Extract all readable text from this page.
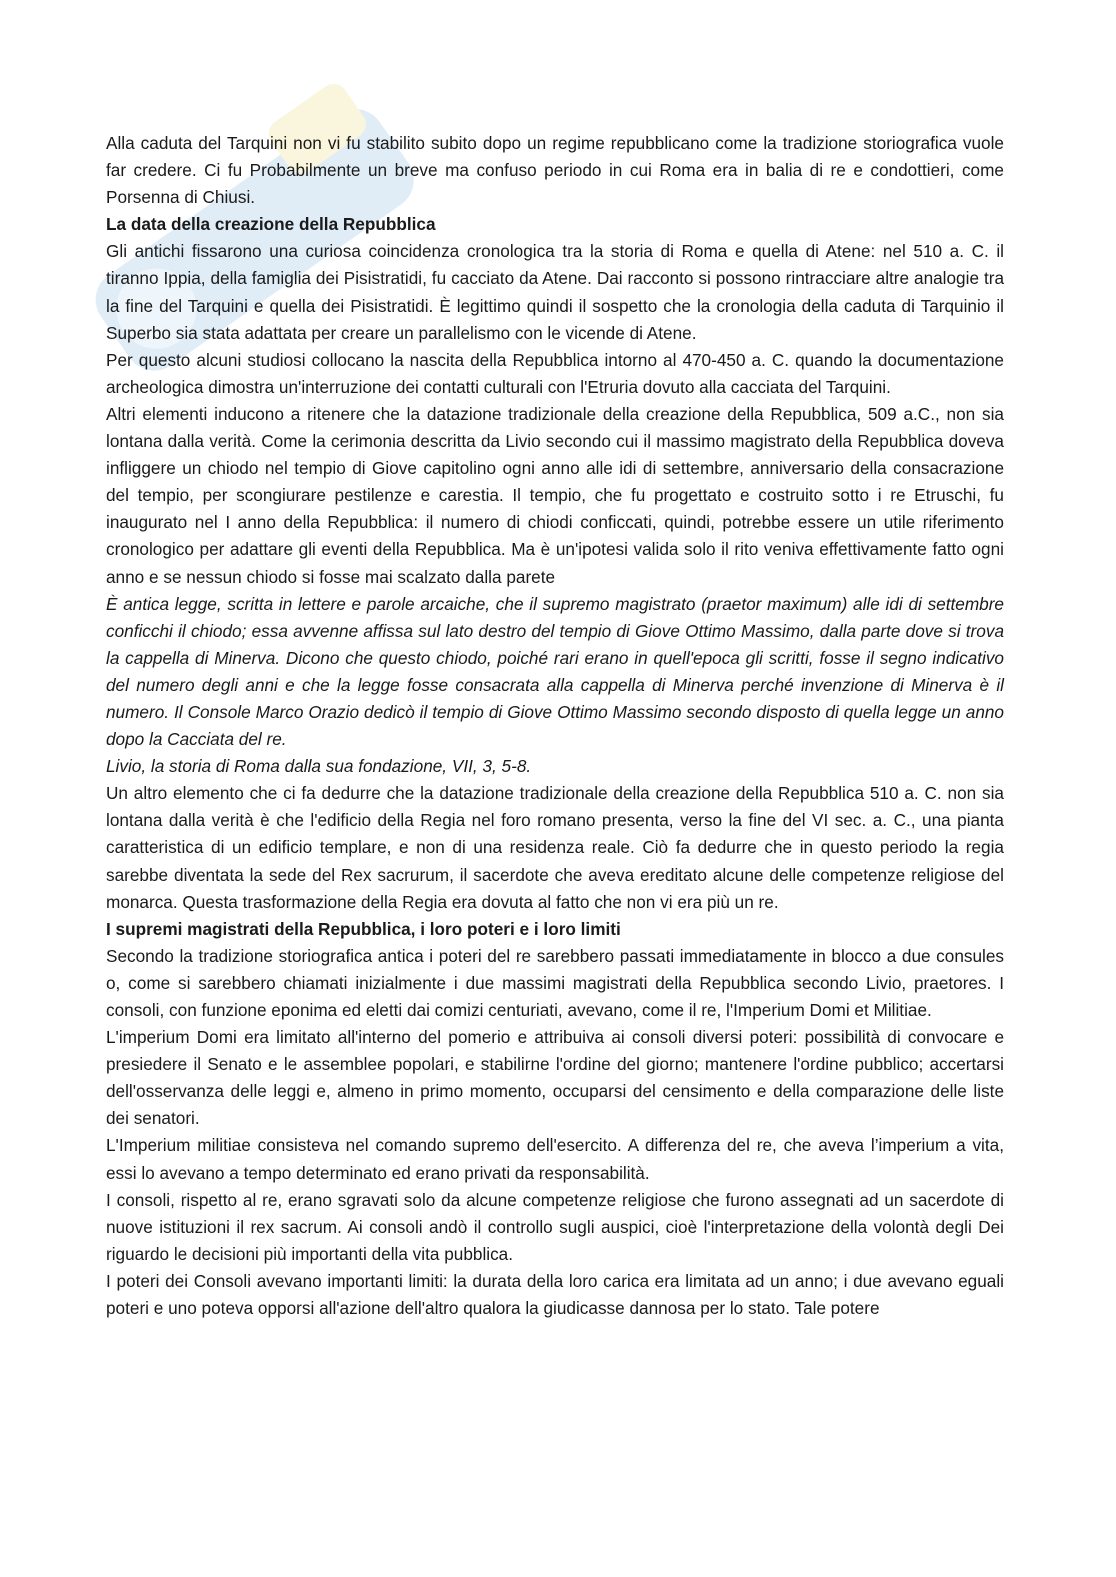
Alla caduta del Tarquini non vi fu stabilito subito dopo un regime repubblicano come la tradizione storiografica vuole far credere. Ci fu Probabilmente un breve ma confuso periodo in cui Roma era in balia di re e condottieri, come Porsenna di Chiusi.

La data della creazione della Repubblica

Gli antichi fissarono una curiosa coincidenza cronologica tra la storia di Roma e quella di Atene: nel 510 a. C. il tiranno Ippia, della famiglia dei Pisistratidi, fu cacciato da Atene. Dai racconto si possono rintracciare altre analogie tra la fine del Tarquini e quella dei Pisistratidi. È legittimo quindi il sospetto che la cronologia della caduta di Tarquinio il Superbo sia stata adattata per creare un parallelismo con le vicende di Atene.

Per questo alcuni studiosi collocano la nascita della Repubblica intorno al 470-450 a. C. quando la documentazione archeologica dimostra un'interruzione dei contatti culturali con l'Etruria dovuto alla cacciata del Tarquini.

Altri elementi inducono a ritenere che la datazione tradizionale della creazione della Repubblica, 509 a.C., non sia lontana dalla verità. Come la cerimonia descritta da Livio secondo cui il massimo magistrato della Repubblica doveva infliggere un chiodo nel tempio di Giove capitolino ogni anno alle idi di settembre, anniversario della consacrazione del tempio, per scongiurare pestilenze e carestia. Il tempio, che fu progettato e costruito sotto i re Etruschi, fu inaugurato nel I anno della Repubblica: il numero di chiodi conficcati, quindi, potrebbe essere un utile riferimento cronologico per adattare gli eventi della Repubblica. Ma è un'ipotesi valida solo il rito veniva effettivamente fatto ogni anno e se nessun chiodo si fosse mai scalzato dalla parete

È antica legge, scritta in lettere e parole arcaiche, che il supremo magistrato (praetor maximum) alle idi di settembre conficchi il chiodo; essa avvenne affissa sul lato destro del tempio di Giove Ottimo Massimo, dalla parte dove si trova la cappella di Minerva. Dicono che questo chiodo, poiché rari erano in quell'epoca gli scritti, fosse il segno indicativo del numero degli anni e che la legge fosse consacrata alla cappella di Minerva perché invenzione di Minerva è il numero. Il Console Marco Orazio dedicò il tempio di Giove Ottimo Massimo secondo disposto di quella legge un anno dopo la Cacciata del re.

Livio, la storia di Roma dalla sua fondazione, VII, 3, 5-8.

Un altro elemento che ci fa dedurre che la datazione tradizionale della creazione della Repubblica 510 a. C. non sia lontana dalla verità è che l'edificio della Regia nel foro romano presenta, verso la fine del VI sec. a. C., una pianta caratteristica di un edificio templare, e non di una residenza reale. Ciò fa dedurre che in questo periodo la regia sarebbe diventata la sede del Rex sacrurum, il sacerdote che aveva ereditato alcune delle competenze religiose del monarca. Questa trasformazione della Regia era dovuta al fatto che non vi era più un re.

I supremi magistrati della Repubblica, i loro poteri e i loro limiti

Secondo la tradizione storiografica antica i poteri del re sarebbero passati immediatamente in blocco a due consules o, come si sarebbero chiamati inizialmente i due massimi magistrati della Repubblica secondo Livio, praetores. I consoli, con funzione eponima ed eletti dai comizi centuriati, avevano, come il re, l'Imperium Domi et Militiae.

L'imperium Domi era limitato all'interno del pomerio e attribuiva ai consoli diversi poteri: possibilità di convocare e presiedere il Senato e le assemblee popolari, e stabilirne l'ordine del giorno; mantenere l'ordine pubblico; accertarsi dell'osservanza delle leggi e, almeno in primo momento, occuparsi del censimento e della comparazione delle liste dei senatori.

L'Imperium militiae consisteva nel comando supremo dell'esercito. A differenza del re, che aveva l’imperium a vita, essi lo avevano a tempo determinato ed erano privati da responsabilità.

I consoli, rispetto al re, erano sgravati solo da alcune competenze religiose che furono assegnati ad un sacerdote di nuove istituzioni il rex sacrum. Ai consoli andò il controllo sugli auspici, cioè l'interpretazione della volontà degli Dei riguardo le decisioni più importanti della vita pubblica.

I poteri dei Consoli avevano importanti limiti: la durata della loro carica era limitata ad un anno; i due avevano eguali poteri e uno poteva opporsi all'azione dell'altro qualora la giudicasse dannosa per lo stato. Tale potere
